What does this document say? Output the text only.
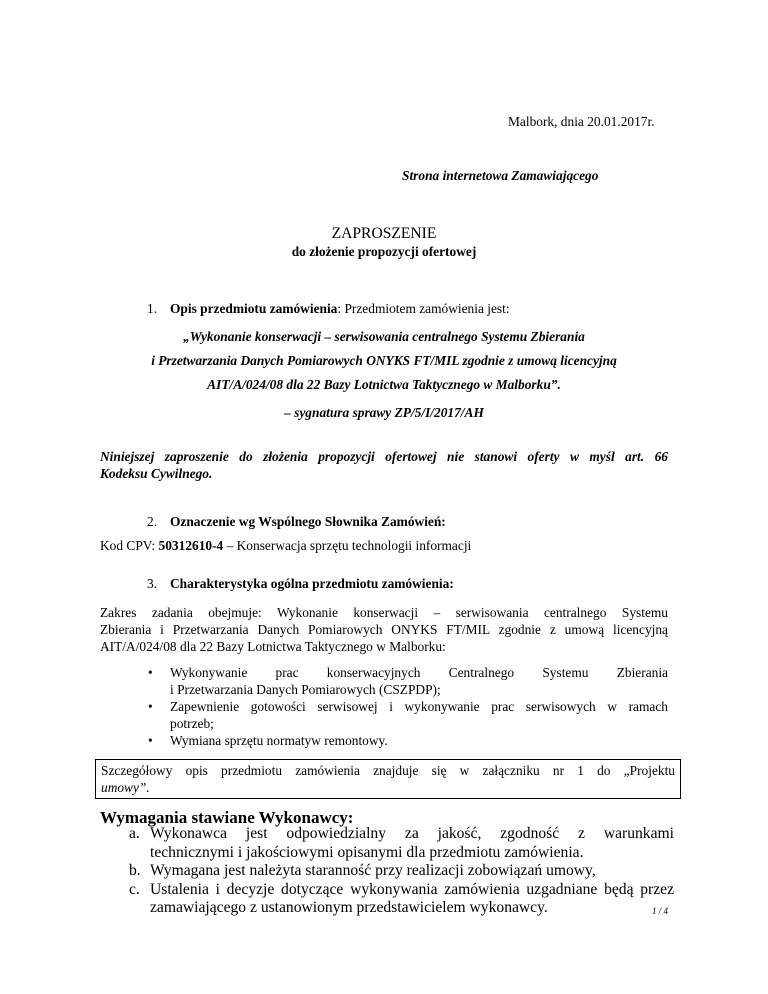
Malbork, dnia 20.01.2017r.
Strona internetowa Zamawiającego
ZAPROSZENIE
do złożenie propozycji ofertowej
1. Opis przedmiotu zamówienia: Przedmiotem zamówienia jest:
„Wykonanie konserwacji – serwisowania centralnego Systemu Zbierania
i Przetwarzania Danych Pomiarowych ONYKS FT/MIL zgodnie z umową licencyjną
AIT/A/024/08 dla 22 Bazy Lotnictwa Taktycznego w Malborku”.
– sygnatura sprawy ZP/5/I/2017/AH
Niniejszej zaproszenie do złożenia propozycji ofertowej nie stanowi oferty w myśl art. 66
Kodeksu Cywilnego.
2. Oznaczenie wg Wspólnego Słownika Zamówień:
Kod CPV: 50312610-4 – Konserwacja sprzętu technologii informacji
3. Charakterystyka ogólna przedmiotu zamówienia:
Zakres zadania obejmuje: Wykonanie konserwacji – serwisowania centralnego Systemu
Zbierania i Przetwarzania Danych Pomiarowych ONYKS FT/MIL zgodnie z umową licencyjną
AIT/A/024/08 dla 22 Bazy Lotnictwa Taktycznego w Malborku:
• Wykonywanie prac konserwacyjnych Centralnego Systemu Zbierania
i Przetwarzania Danych Pomiarowych (CSZPDP);
• Zapewnienie gotowości serwisowej i wykonywanie prac serwisowych w ramach
potrzeb;
• Wymiana sprzętu normatyw remontowy.
Szczegółowy opis przedmiotu zamówienia znajduje się w załączniku nr 1 do „Projektu
umowy”.
Wymagania stawiane Wykonawcy:
a. Wykonawca jest odpowiedzialny za jakość, zgodność z warunkami
technicznymi i jakościowymi opisanymi dla przedmiotu zamówienia.
b. Wymagana jest należyta staranność przy realizacji zobowiązań umowy,
c. Ustalenia i decyzje dotyczące wykonywania zamówienia uzgadniane będą przez
zamawiającego z ustanowionym przedstawicielem wykonawcy.	1 / 4
